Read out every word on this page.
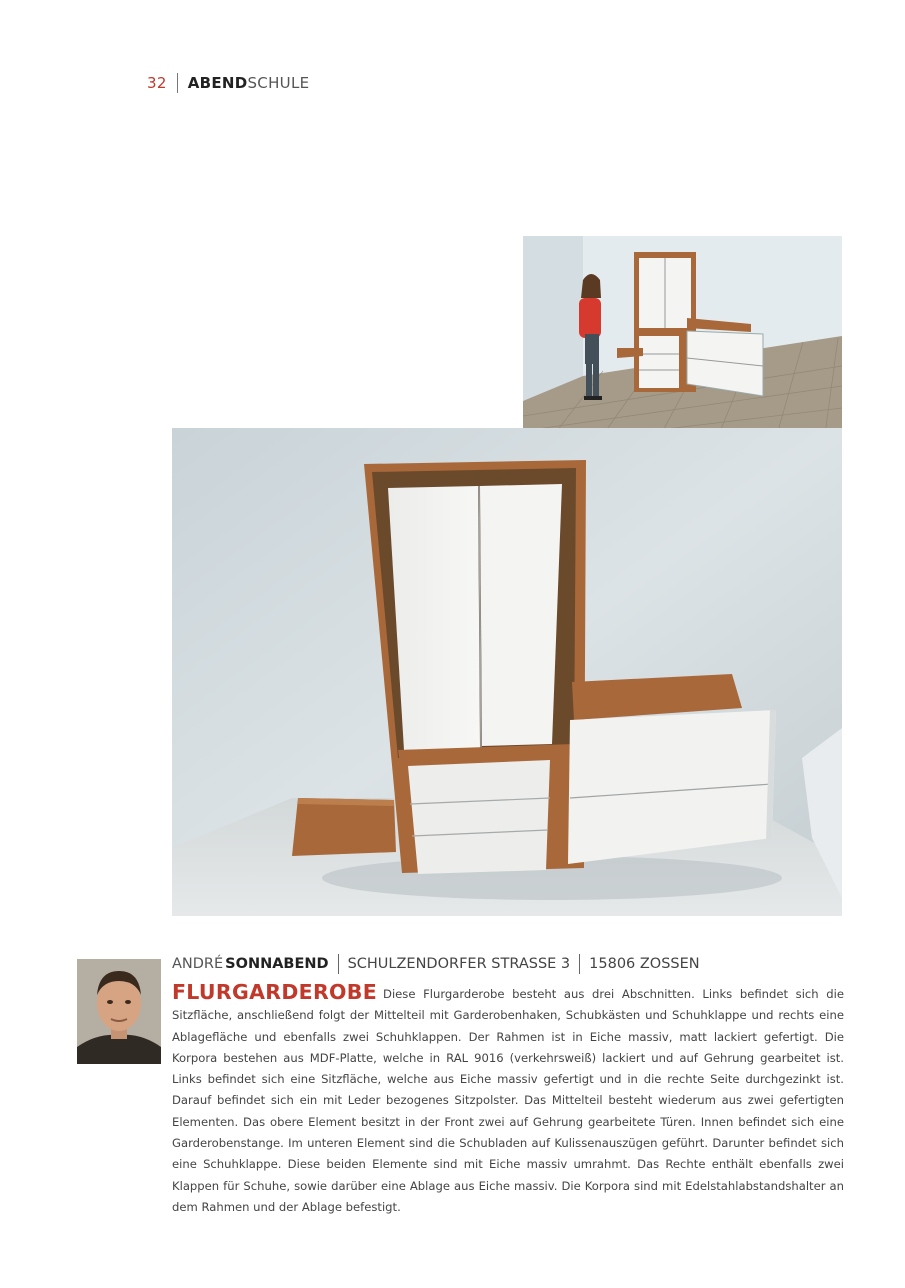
32 ABEND SCHULE
ANDRÉ SONNABEND SCHULZENDORFER STRASSE 3 15806 ZOSSEN
FLURGARDEROBE Diese Flurgarderobe besteht aus drei Abschnitten. Links befindet sich die Sitzfläche, anschließend folgt der Mittelteil mit Garderobenhaken, Schubkästen und Schuhklappe und rechts eine Ablagefläche und ebenfalls zwei Schuhklappen. Der Rahmen ist in Eiche massiv, matt lackiert gefertigt. Die Korpora bestehen aus MDF-Platte, welche in RAL 9016 (verkehrsweiß) lackiert und auf Gehrung gearbeitet ist. Links befindet sich eine Sitzfläche, welche aus Eiche massiv gefertigt und in die rechte Seite durchgezinkt ist. Darauf befindet sich ein mit Leder bezogenes Sitzpolster. Das Mittelteil besteht wiederum aus zwei gefertigten Elementen. Das obere Element besitzt in der Front zwei auf Gehrung gearbeitete Türen. Innen befindet sich eine Garderobenstange. Im unteren Element sind die Schubladen auf Kulissenauszügen geführt. Darunter befindet sich eine Schuhklappe. Diese beiden Elemente sind mit Eiche massiv umrahmt. Das Rechte enthält ebenfalls zwei Klappen für Schuhe, sowie darüber eine Ablage aus Eiche massiv. Die Korpora sind mit Edelstahlabstandshalter an dem Rahmen und der Ablage befestigt.
